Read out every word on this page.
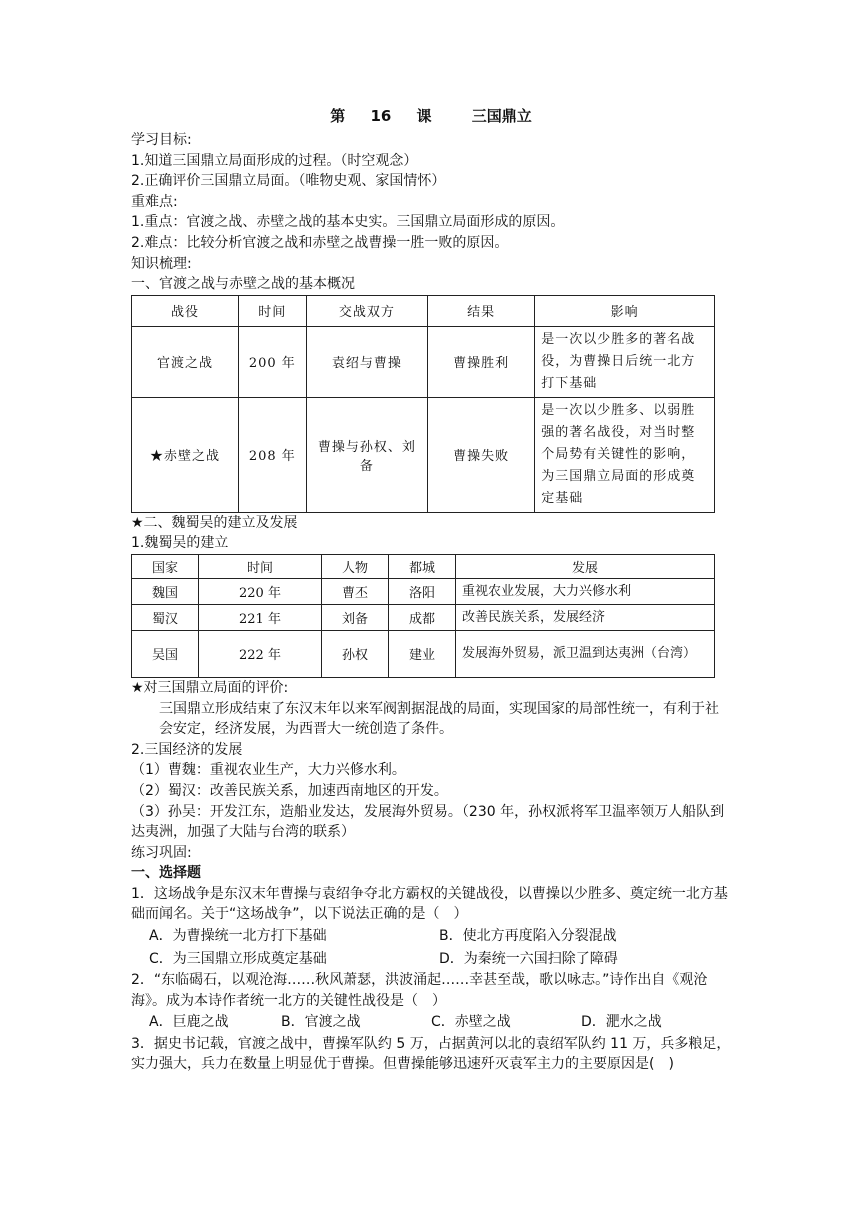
第 16 课　 三国鼎立
学习目标:
1.知道三国鼎立局面形成的过程。（时空观念）
2.正确评价三国鼎立局面。（唯物史观、家国情怀）
重难点:
1.重点：官渡之战、赤壁之战的基本史实。三国鼎立局面形成的原因。
2.难点：比较分析官渡之战和赤壁之战曹操一胜一败的原因。
知识梳理:
一、官渡之战与赤壁之战的基本概况
战役	时间	交战双方	结果	影响
官渡之战	200 年	袁绍与曹操	曹操胜利	是一次以少胜多的著名战役，为曹操日后统一北方打下基础
★赤壁之战	208 年	曹操与孙权、刘备	曹操失败	是一次以少胜多、以弱胜强的著名战役，对当时整个局势有关键性的影响，为三国鼎立局面的形成奠定基础
★二、魏蜀吴的建立及发展
1.魏蜀吴的建立
国家	时间	人物	都城	发展
魏国	220 年	曹丕	洛阳	重视农业发展，大力兴修水利
蜀汉	221 年	刘备	成都	改善民族关系，发展经济
吴国	222 年	孙权	建业	发展海外贸易，派卫温到达夷洲（台湾）
★对三国鼎立局面的评价:
三国鼎立形成结束了东汉末年以来军阀割据混战的局面，实现国家的局部性统一，有利于社会安定，经济发展，为西晋大一统创造了条件。
2.三国经济的发展
（1）曹魏：重视农业生产，大力兴修水利。
（2）蜀汉：改善民族关系，加速西南地区的开发。
（3）孙吴：开发江东，造船业发达，发展海外贸易。（230 年，孙权派将军卫温率领万人船队到达夷洲，加强了大陆与台湾的联系）
练习巩固:
一、选择题
1．这场战争是东汉末年曹操与袁绍争夺北方霸权的关键战役，以曹操以少胜多、奠定统一北方基础而闻名。关于“这场战争”，以下说法正确的是（　）
A．为曹操统一北方打下基础	B．使北方再度陷入分裂混战
C．为三国鼎立形成奠定基础	D．为秦统一六国扫除了障碍
2．“东临碣石，以观沧海……秋风萧瑟，洪波涌起……幸甚至哉，歌以咏志。”诗作出自《观沧海》。成为本诗作者统一北方的关键性战役是（　）
A．巨鹿之战	B．官渡之战	C．赤壁之战	D．淝水之战
3．据史书记载，官渡之战中，曹操军队约 5 万，占据黄河以北的袁绍军队约 11 万，兵多粮足，实力强大，兵力在数量上明显优于曹操。但曹操能够迅速歼灭袁军主力的主要原因是(　)
